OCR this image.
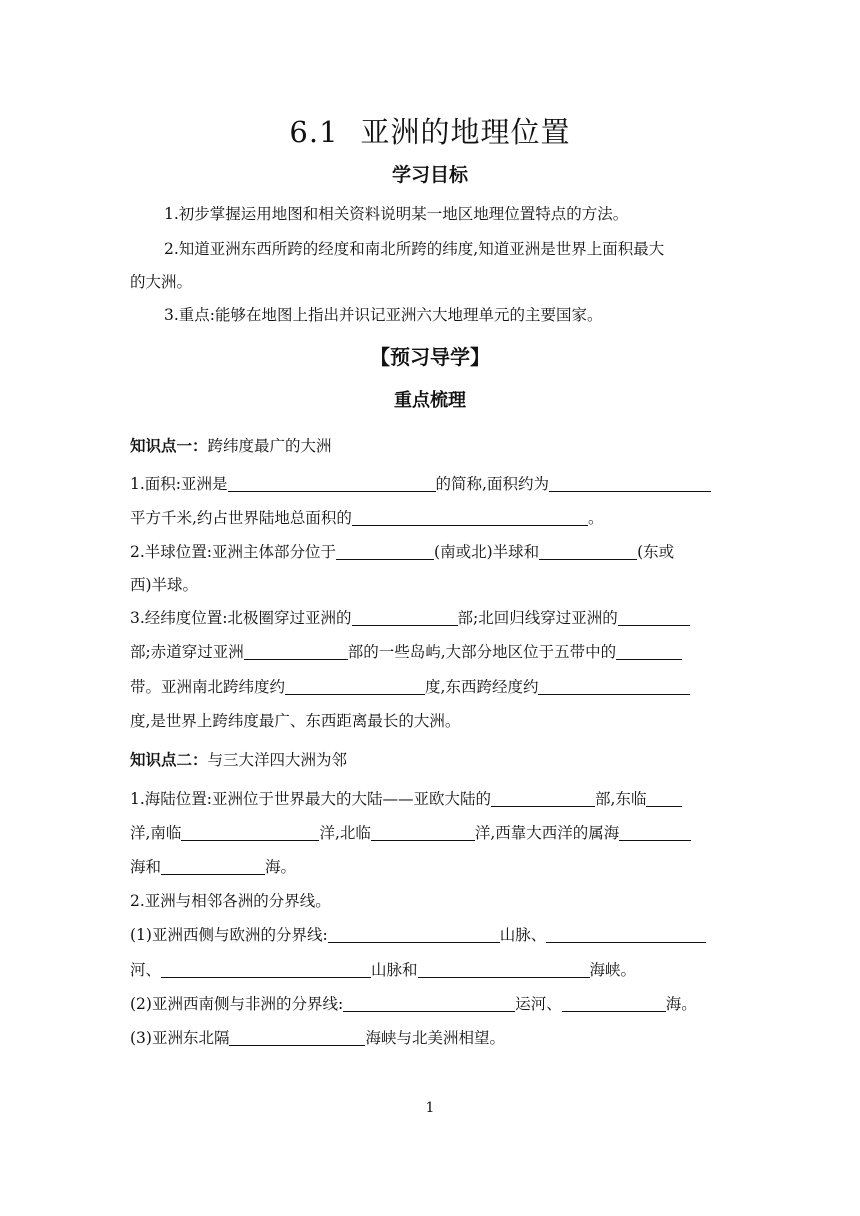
6.1 亚洲的地理位置
学习目标
1.初步掌握运用地图和相关资料说明某一地区地理位置特点的方法。
2.知道亚洲东西所跨的经度和南北所跨的纬度,知道亚洲是世界上面积最大
的大洲。
3.重点:能够在地图上指出并识记亚洲六大地理单元的主要国家。
【预习导学】
重点梳理
知识点一：跨纬度最广的大洲
1.面积:亚洲是	的简称,面积约为
平方千米,约占世界陆地总面积的	。
2.半球位置:亚洲主体部分位于	(南或北)半球和	(东或
西)半球。
3.经纬度位置:北极圈穿过亚洲的	部;北回归线穿过亚洲的
部;赤道穿过亚洲	部的一些岛屿,大部分地区位于五带中的
带。亚洲南北跨纬度约	度,东西跨经度约
度,是世界上跨纬度最广、东西距离最长的大洲。
知识点二：与三大洋四大洲为邻
1.海陆位置:亚洲位于世界最大的大陆——亚欧大陆的	部,东临
洋,南临	洋,北临	洋,西靠大西洋的属海
海和	海。
2.亚洲与相邻各洲的分界线。
(1)亚洲西侧与欧洲的分界线:	山脉、
河、	山脉和	海峡。
(2)亚洲西南侧与非洲的分界线:	运河、	海。
(3)亚洲东北隔	海峡与北美洲相望。
1
